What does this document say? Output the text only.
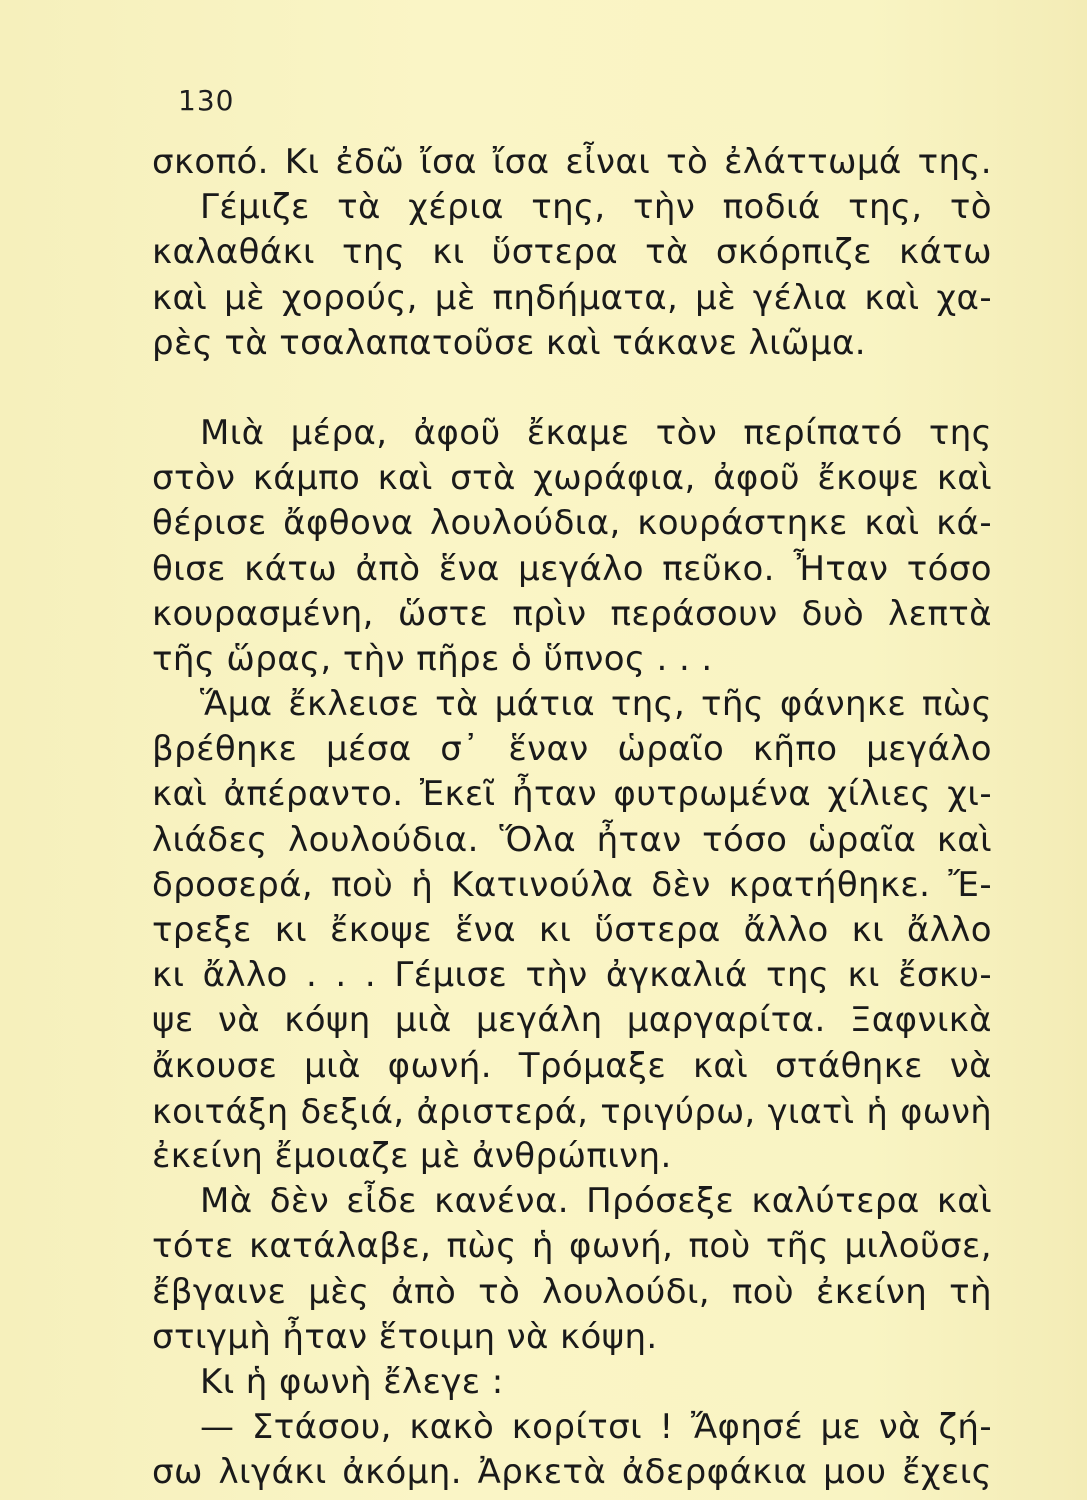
130
σκοπό. Κι ἐδῶ ἴσα ἴσα εἶναι τὸ ἐλάττωμά της.
Γέμιζε τὰ χέρια της, τὴν ποδιά της, τὸ
καλαθάκι της κι ὕστερα τὰ σκόρπιζε κάτω
καὶ μὲ χορούς, μὲ πηδήματα, μὲ γέλια καὶ χα-
ρὲς τὰ τσαλαπατοῦσε καὶ τάκανε λιῶμα.
Μιὰ μέρα, ἀφοῦ ἔκαμε τὸν περίπατό της
στὸν κάμπο καὶ στὰ χωράφια, ἀφοῦ ἔκοψε καὶ
θέρισε ἄφθονα λουλούδια, κουράστηκε καὶ κά-
θισε κάτω ἀπὸ ἕνα μεγάλο πεῦκο. Ἦταν τόσο
κουρασμένη, ὥστε πρὶν περάσουν δυὸ λεπτὰ
τῆς ὥρας, τὴν πῆρε ὁ ὕπνος . . .
Ἅμα ἔκλεισε τὰ μάτια της, τῆς φάνηκε πὼς
βρέθηκε μέσα σ᾽ ἕναν ὡραῖο κῆπο μεγάλο
καὶ ἀπέραντο. Ἐκεῖ ἦταν φυτρωμένα χίλιες χι-
λιάδες λουλούδια. Ὅλα ἦταν τόσο ὡραῖα καὶ
δροσερά, ποὺ ἡ Κατινούλα δὲν κρατήθηκε. Ἔ-
τρεξε κι ἔκοψε ἕνα κι ὕστερα ἄλλο κι ἄλλο
κι ἄλλο . . . Γέμισε τὴν ἀγκαλιά της κι ἔσκυ-
ψε νὰ κόψη μιὰ μεγάλη μαργαρίτα. Ξαφνικὰ
ἄκουσε μιὰ φωνή. Τρόμαξε καὶ στάθηκε νὰ
κοιτάξη δεξιά, ἀριστερά, τριγύρω, γιατὶ ἡ φωνὴ
ἐκείνη ἔμοιαζε μὲ ἀνθρώπινη.
Μὰ δὲν εἶδε κανένα. Πρόσεξε καλύτερα καὶ
τότε κατάλαβε, πὼς ἡ φωνή, ποὺ τῆς μιλοῦσε,
ἔβγαινε μὲς ἀπὸ τὸ λουλούδι, ποὺ ἐκείνη τὴ
στιγμὴ ἦταν ἕτοιμη νὰ κόψη.
Κι ἡ φωνὴ ἔλεγε :
— Στάσου, κακὸ κορίτσι ! Ἄφησέ με νὰ ζή-
σω λιγάκι ἀκόμη. Ἀρκετὰ ἀδερφάκια μου ἔχεις
